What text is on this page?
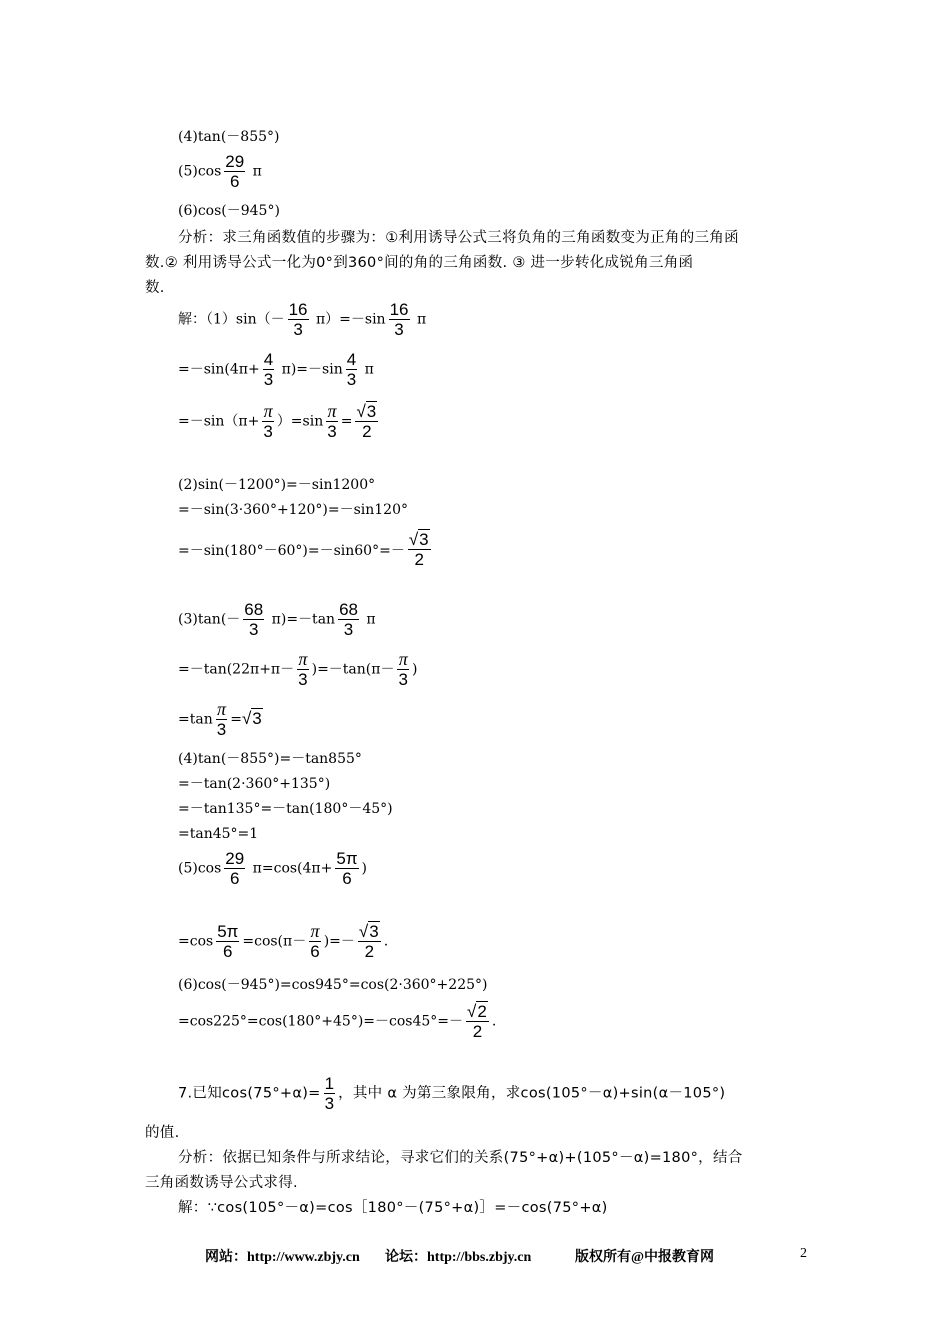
(4)tan(－855°)
$(5)\cos \frac{29}{6}$ π
(6)cos(－945°)
分析：求三角函数值的步骤为：①利用诱导公式三将负角的三角函数变为正角的三角函
数.② 利用诱导公式一化为0°到360°间的角的三角函数. ③ 进一步转化成锐角三角函
数.
解：$(1)\sin(- \frac{16}{3} \pi)=-\sin \frac{16}{3}$ π
$=-\sin(4\pi+ \frac{4}{3} \pi)=-\sin \frac{4}{3}$ π
$=-\sin(\pi+ \frac{\pi}{3} )=\sin \frac{\pi}{3} = \frac{√3}{2}$
(2)sin(－1200°)=－sin1200°
=－sin(3·360°+120°)=－sin120°
$=-\sin(180^\circ-60^\circ)=-\sin 60^\circ=- \frac{√3}{2}$
$(3)\tan(- \frac{68}{3} \pi)=-\tan \frac{68}{3}$ π
$=-\tan(22\pi+\pi- \frac{\pi}{3} )=-\tan(\pi- \frac{\pi}{3}$ )
$=\tan \frac{\pi}{3} =√3$
(4)tan(－855°)=－tan855°
=－tan(2·360°+135°)
=－tan135°=－tan(180°－45°)
=tan45°=1
$(5)\cos \frac{29}{6} \pi=\cos(4\pi+ \frac{5\pi}{6}$ )
$=\cos \frac{5\pi}{6} =\cos(\pi- \frac{\pi}{6}$ )=－ $\frac{√3}{2}$ .
(6)cos(－945°)=cos945°=cos(2·360°+225°)
$=\cos 225^\circ=\cos(180^\circ+45^\circ)=-\cos 45^\circ=- \frac{√2}{2}$ .
7.已知$\cos(75^\circ+\alpha)= \frac{1}{3}$ ，其中 α 为第三象限角，求cos(105°－α)+sin(α－105°)
的值.
分析：依据已知条件与所求结论，寻求它们的关系(75°+α)+(105°－α)=180°，结合
三角函数诱导公式求得.
解：∵cos(105°－α)=cos［180°－(75°+α)］=－cos(75°+α)
网站：http://www.zbjy.cn 论坛：http://bbs.zbjy.cn	版权所有@中报教育网	2
